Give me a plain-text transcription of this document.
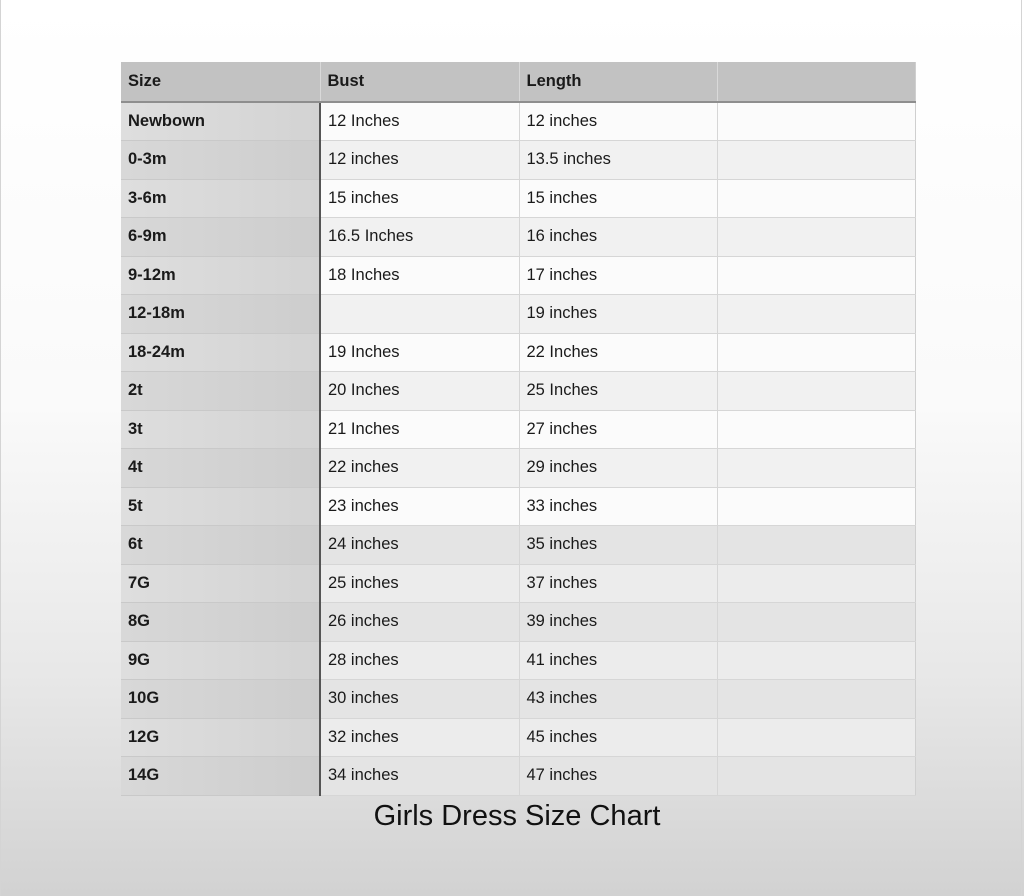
Size	Bust	Length	
Newbown	12 Inches	12 inches	
0-3m	12 inches	13.5 inches	
3-6m	15 inches	15 inches	
6-9m	16.5 Inches	16 inches	
9-12m	18 Inches	17 inches	
12-18m		19 inches	
18-24m	19 Inches	22 Inches	
2t	20 Inches	25 Inches	
3t	21 Inches	27 inches	
4t	22 inches	29 inches	
5t	23 inches	33 inches	
6t	24 inches	35 inches	
7G	25 inches	37 inches	
8G	26 inches	39 inches	
9G	28 inches	41 inches	
10G	30 inches	43 inches	
12G	32 inches	45 inches	
14G	34 inches	47 inches	
Girls Dress Size Chart
